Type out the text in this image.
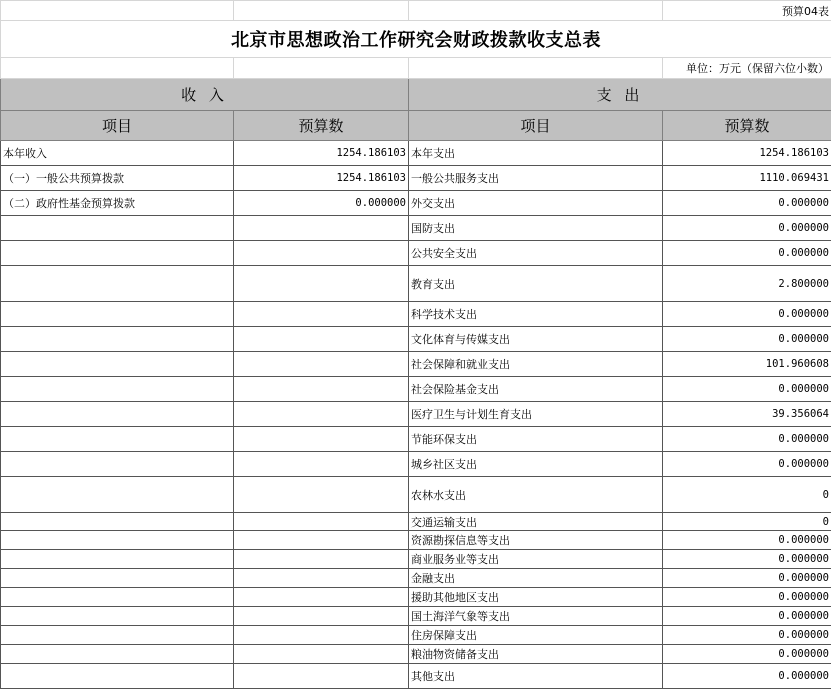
			预算04表
北京市思想政治工作研究会财政拨款收支总表			
			单位：万元（保留六位小数）
收 入		支 出	
项目	预算数	项目	预算数
本年收入	1254.186103	本年支出	1254.186103
（一）一般公共预算拨款	1254.186103	一般公共服务支出	1110.069431
（二）政府性基金预算拨款	0.000000	外交支出	0.000000
		国防支出	0.000000
		公共安全支出	0.000000
		教育支出	2.800000
		科学技术支出	0.000000
		文化体育与传媒支出	0.000000
		社会保障和就业支出	101.960608
		社会保险基金支出	0.000000
		医疗卫生与计划生育支出	39.356064
		节能环保支出	0.000000
		城乡社区支出	0.000000
		农林水支出	0
		交通运输支出	0
		资源勘探信息等支出	0.000000
		商业服务业等支出	0.000000
		金融支出	0.000000
		援助其他地区支出	0.000000
		国土海洋气象等支出	0.000000
		住房保障支出	0.000000
		粮油物资储备支出	0.000000
		其他支出	0.000000
